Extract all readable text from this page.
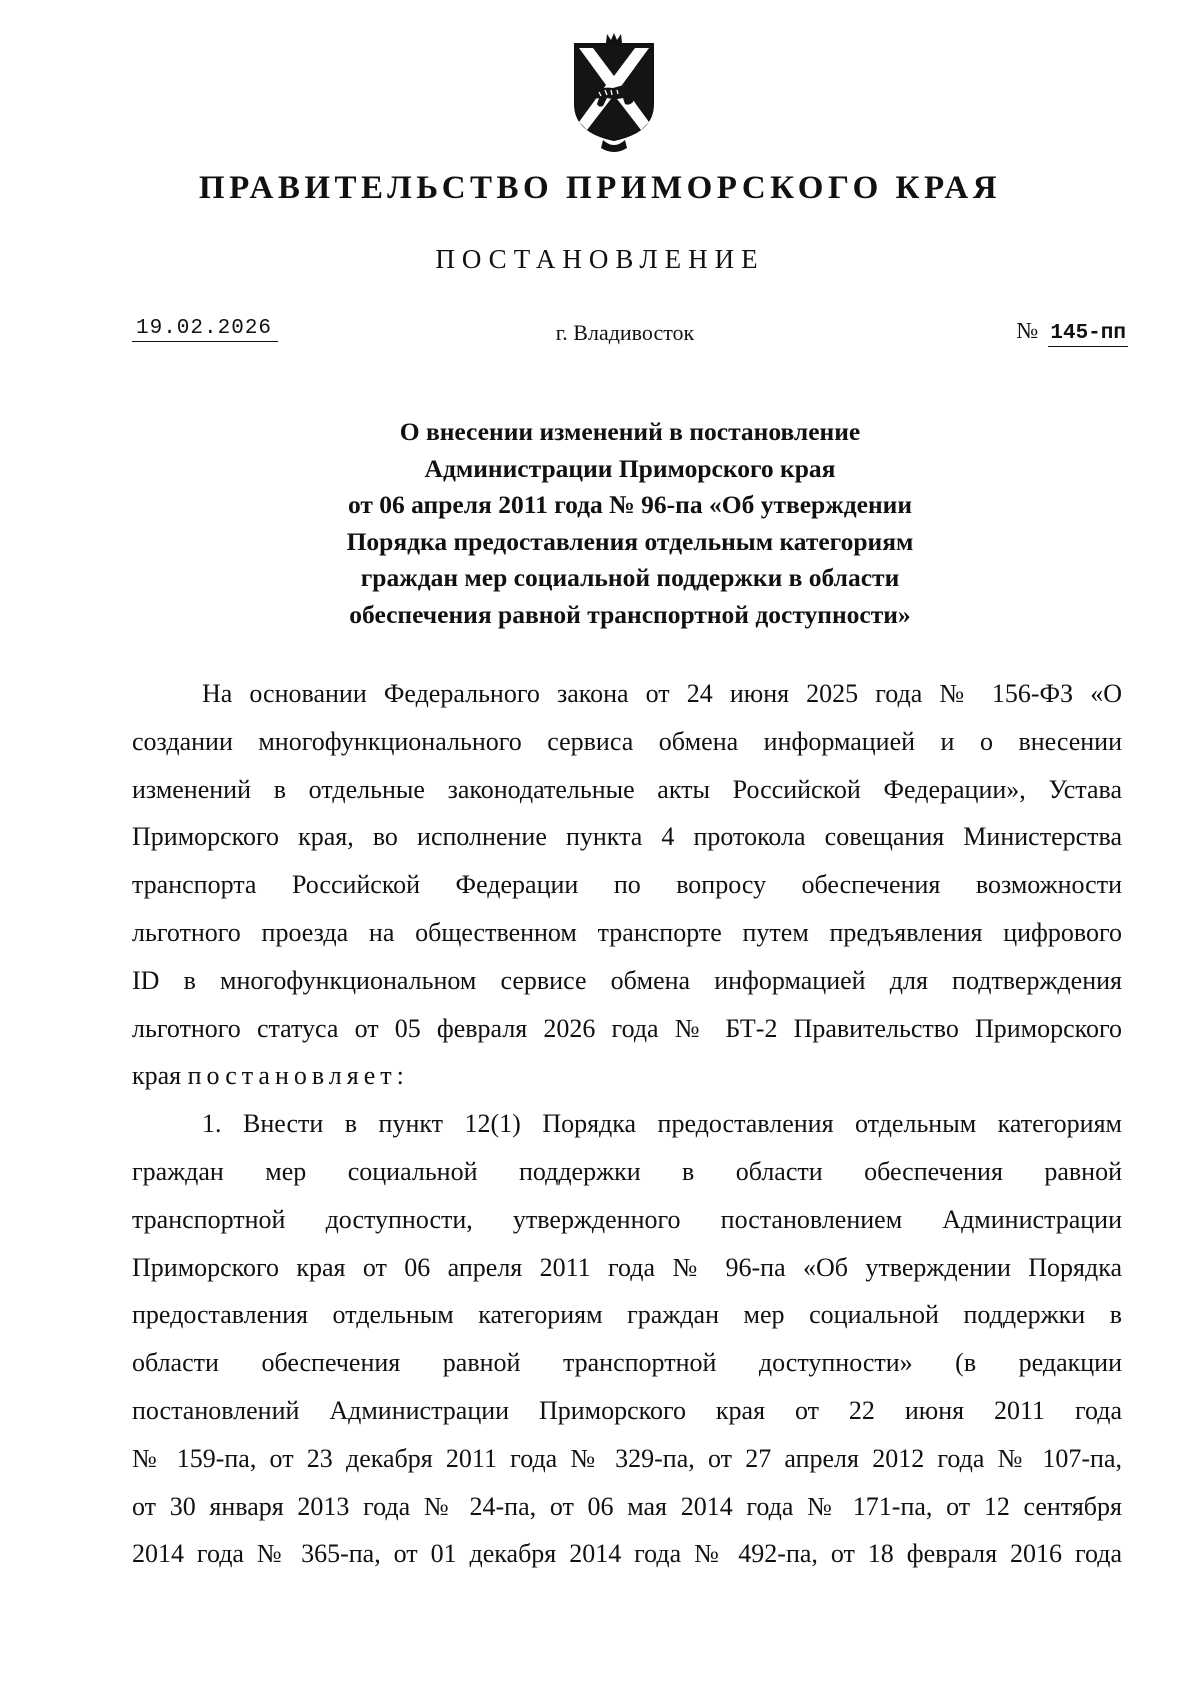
ПРАВИТЕЛЬСТВО ПРИМОРСКОГО КРАЯ
ПОСТАНОВЛЕНИЕ
19.02.2026	г. Владивосток	№ 145-пп
О внесении изменений в постановление
Администрации Приморского края
от 06 апреля 2011 года № 96-па «Об утверждении
Порядка предоставления отдельным категориям
граждан мер социальной поддержки в области
обеспечения равной транспортной доступности»
На основании Федерального закона от 24 июня 2025 года № 156-ФЗ «О
создании многофункционального сервиса обмена информацией и о внесении
изменений в отдельные законодательные акты Российской Федерации», Устава
Приморского края, во исполнение пункта 4 протокола совещания Министерства
транспорта Российской Федерации по вопросу обеспечения возможности
льготного проезда на общественном транспорте путем предъявления цифрового
ID в многофункциональном сервисе обмена информацией для подтверждения
льготного статуса от 05 февраля 2026 года № БТ-2 Правительство Приморского
края постановляет:
1. Внести в пункт 12(1) Порядка предоставления отдельным категориям
граждан мер социальной поддержки в области обеспечения равной
транспортной доступности, утвержденного постановлением Администрации
Приморского края от 06 апреля 2011 года № 96-па «Об утверждении Порядка
предоставления отдельным категориям граждан мер социальной поддержки в
области обеспечения равной транспортной доступности» (в редакции
постановлений Администрации Приморского края от 22 июня 2011 года
№ 159-па, от 23 декабря 2011 года № 329-па, от 27 апреля 2012 года № 107-па,
от 30 января 2013 года № 24-па, от 06 мая 2014 года № 171-па, от 12 сентября
2014 года № 365-па, от 01 декабря 2014 года № 492-па, от 18 февраля 2016 года
